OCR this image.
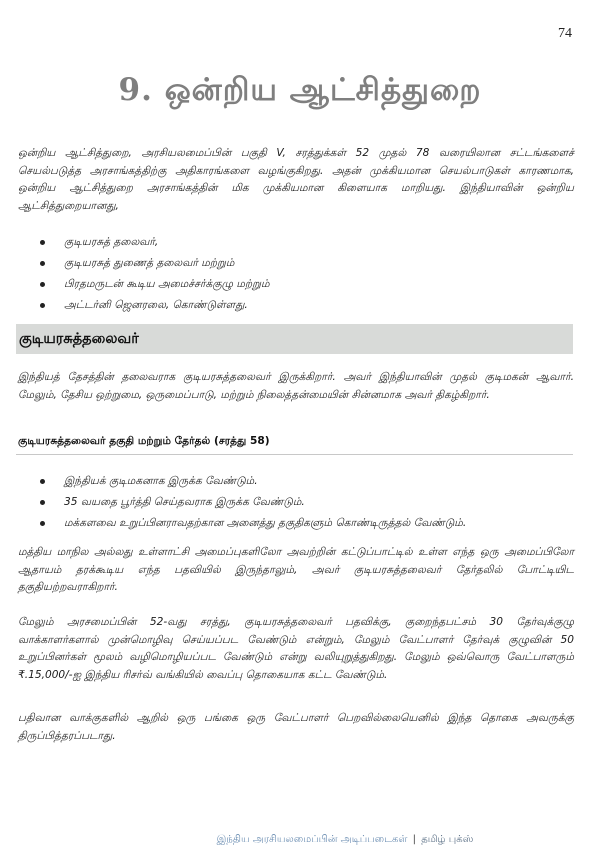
74
9. ஒன்றிய ஆட்சித்துறை

ஒன்றிய ஆட்சித்துறை, அரசியலமைப்பின் பகுதி V, சரத்துக்கள் 52 முதல் 78 வரையிலான சட்டங்களைச் செயல்படுத்த அரசாங்கத்திற்கு அதிகாரங்களை வழங்குகிறது. அதன் முக்கியமான செயல்பாடுகள் காரணமாக, ஒன்றிய ஆட்சித்துறை அரசாங்கத்தின் மிக முக்கியமான கிளையாக மாறியது. இந்தியாவின் ஒன்றிய ஆட்சித்துறையானது,

குடியரசுத் தலைவர்,
குடியரசுத் துணைத் தலைவர் மற்றும்
பிரதமருடன் கூடிய அமைச்சர்க்குழு மற்றும்
அட்டர்னி ஜெனரலை, கொண்டுள்ளது.
குடியரசுத்தலைவர்

இந்தியத் தேசத்தின் தலைவராக குடியரசுத்தலைவர் இருக்கிறார். அவர் இந்தியாவின் முதல் குடிமகன் ஆவார். மேலும், தேசிய ஒற்றுமை, ஒருமைப்பாடு, மற்றும் நிலைத்தன்மையின் சின்னமாக அவர் திகழ்கிறார்.

குடியரசுத்தலைவர் தகுதி மற்றும் தேர்தல் (சரத்து 58)
இந்தியக் குடிமகனாக இருக்க வேண்டும்.
35 வயதை பூர்த்தி செய்தவராக இருக்க வேண்டும்.
மக்களவை உறுப்பினராவதற்கான அனைத்து தகுதிகளும் கொண்டிருத்தல் வேண்டும்.

மத்திய மாநில அல்லது உள்ளாட்சி அமைப்புகளிலோ அவற்றின் கட்டுப்பாட்டில் உள்ள எந்த ஒரு அமைப்பிலோ ஆதாயம் தரக்கூடிய எந்த பதவியில் இருந்தாலும், அவர் குடியரசுத்தலைவர் தேர்தலில் போட்டியிட தகுதியற்றவராகிறார்.

மேலும் அரசமைப்பின் 52-வது சரத்து, குடியரசுத்தலைவர் பதவிக்கு, குறைந்தபட்சம் 30 தேர்வுக்குழு வாக்காளர்களால் முன்மொழிவு செய்யப்பட வேண்டும் என்றும், மேலும் வேட்பாளர் தேர்வுக் குழுவின் 50 உறுப்பினர்கள் மூலம் வழிமொழியப்பட வேண்டும் என்று வலியுறுத்துகிறது. மேலும் ஒவ்வொரு வேட்பாளரும் ₹.15,000/-ஐ இந்திய ரிசர்வ் வங்கியில் வைப்பு தொகையாக கட்ட வேண்டும்.

பதிவான வாக்குகளில் ஆறில் ஒரு பங்கை ஒரு வேட்பாளர் பெறவில்லையெனில் இந்த தொகை அவருக்கு திருப்பித்தரப்படாது.

இந்திய அரசியலமைப்பின் அடிப்படைகள் | தமிழ் புக்ஸ்
